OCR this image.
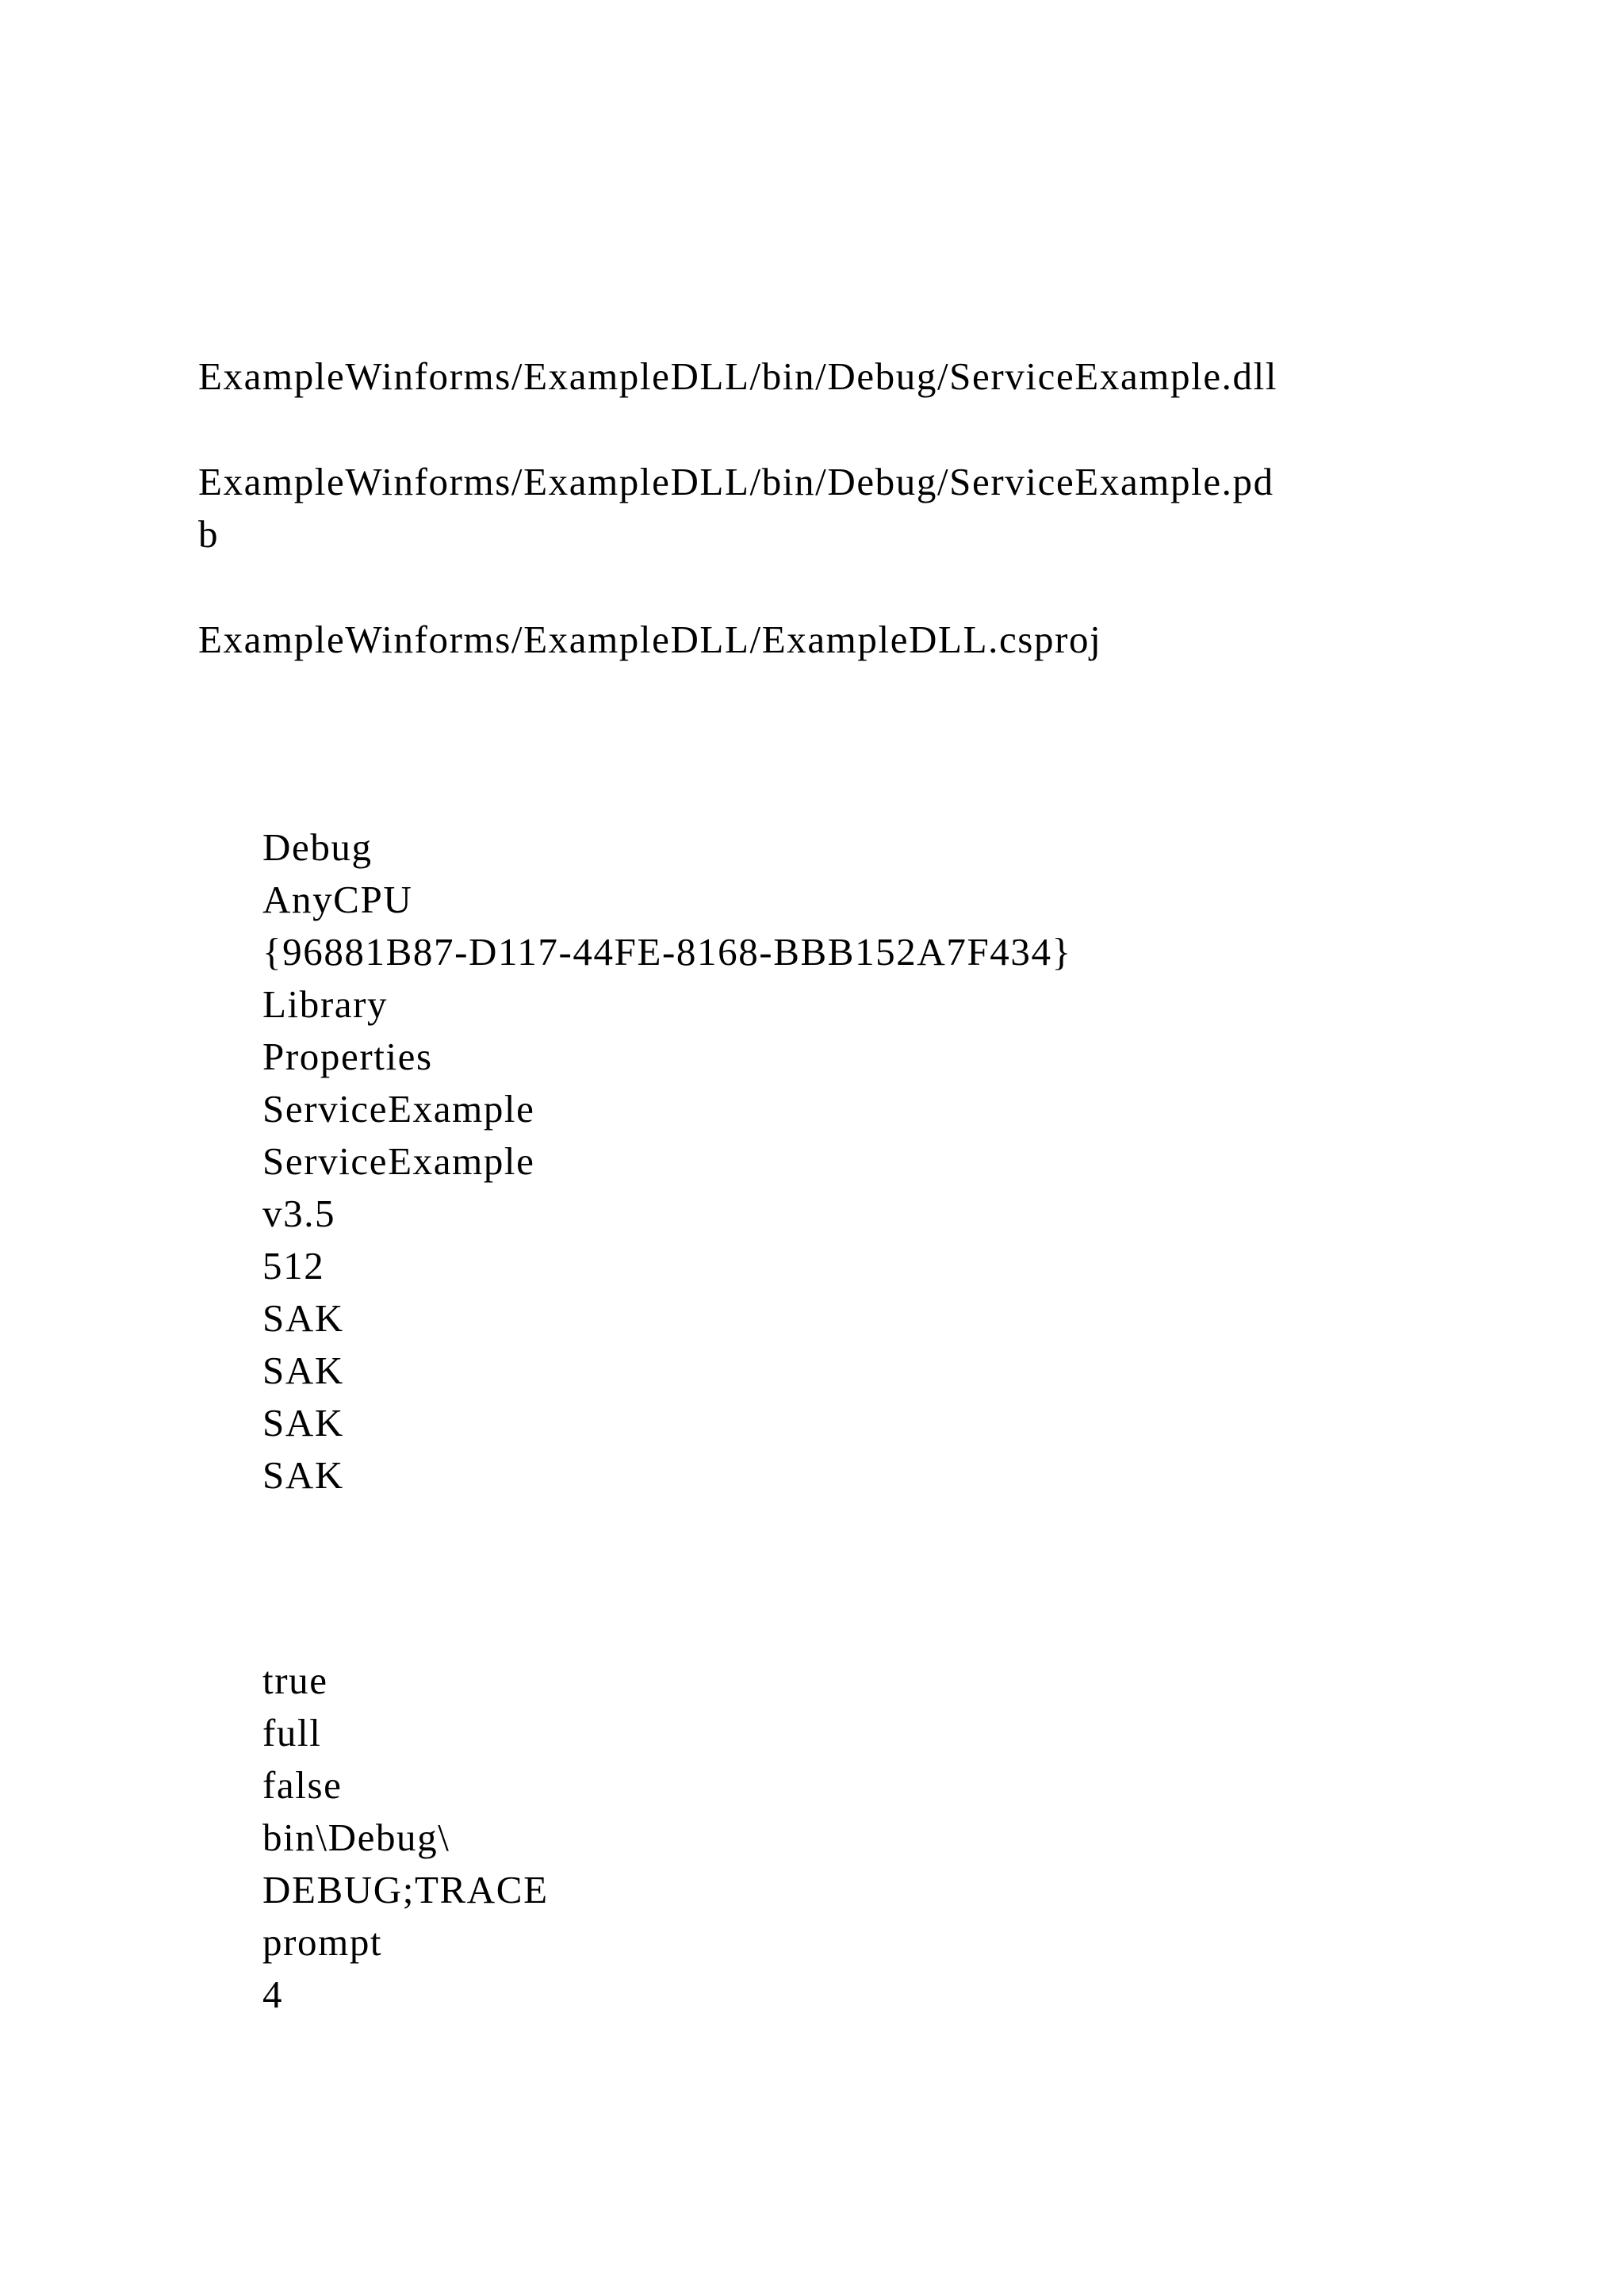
ExampleWinforms/ExampleDLL/bin/Debug/ServiceExample.dll

ExampleWinforms/ExampleDLL/bin/Debug/ServiceExample.pd

b

ExampleWinforms/ExampleDLL/ExampleDLL.csproj

Debug
AnyCPU
{96881B87-D117-44FE-8168-BBB152A7F434}
Library
Properties
ServiceExample
ServiceExample
v3.5
512
SAK
SAK
SAK
SAK
true
full
false
bin\Debug\
DEBUG;TRACE
prompt
4
